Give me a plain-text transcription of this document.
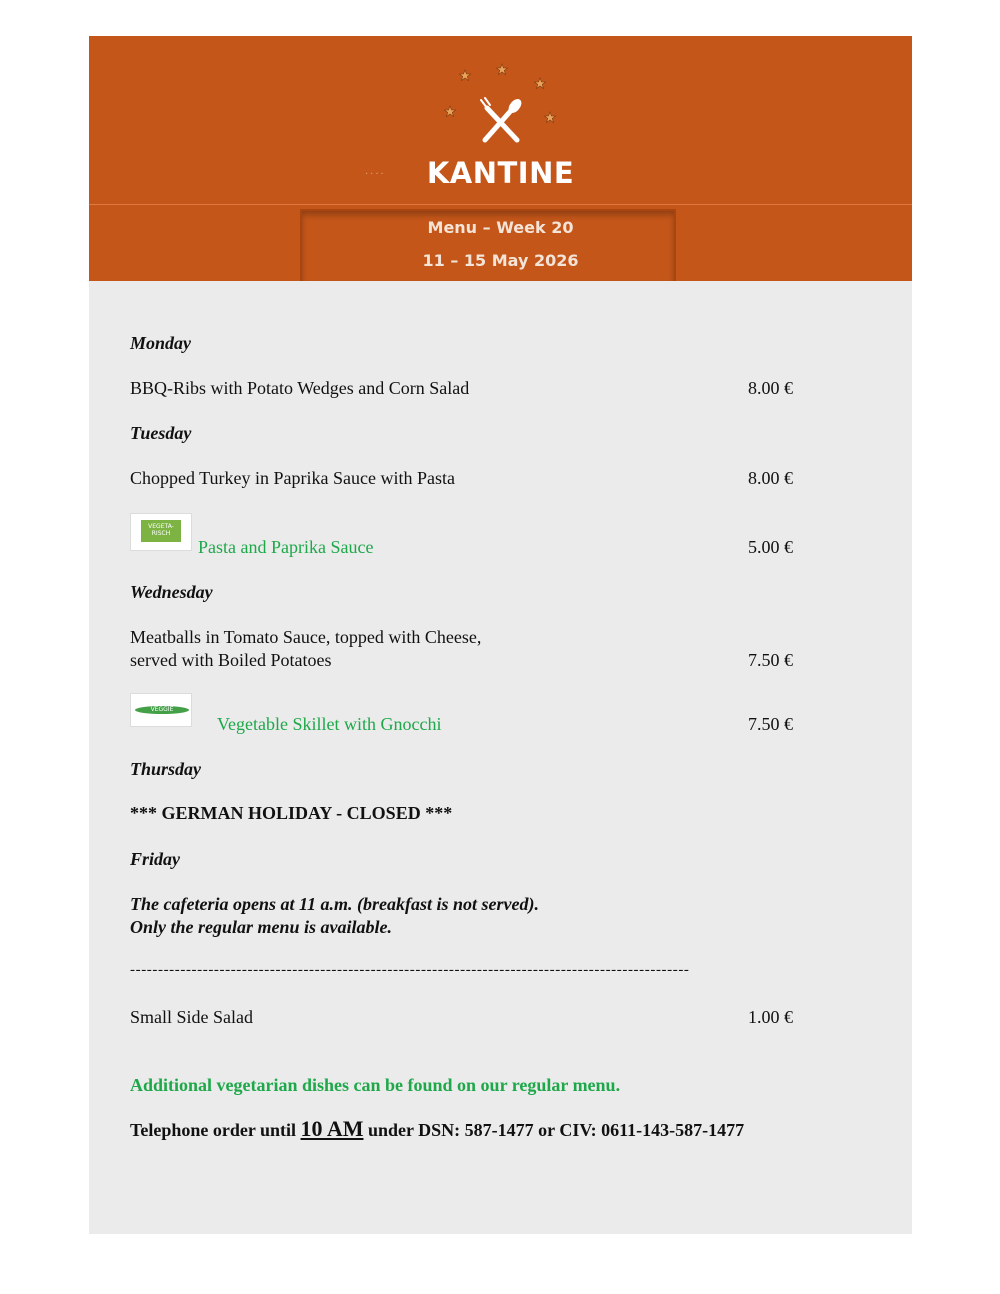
....	KANTINE
Menu – Week 20
11 – 15 May 2026
Monday
BBQ-Ribs with Potato Wedges and Corn Salad	8.00 €
Tuesday
Chopped Turkey in Paprika Sauce with Pasta	8.00 €
VEGETA-RISCH
Pasta and Paprika Sauce	5.00 €
Wednesday
Meatballs in Tomato Sauce, topped with Cheese,
served with Boiled Potatoes	7.50 €
VEGGIE
Vegetable Skillet with Gnocchi	7.50 €
Thursday
*** GERMAN HOLIDAY - CLOSED ***
Friday
The cafeteria opens at 11 a.m. (breakfast is not served).
Only the regular menu is available.
----------------------------------------------------------------------------------------------------
Small Side Salad	1.00 €
Additional vegetarian dishes can be found on our regular menu.
Telephone order until 10 AM under DSN: 587-1477 or CIV: 0611-143-587-1477
